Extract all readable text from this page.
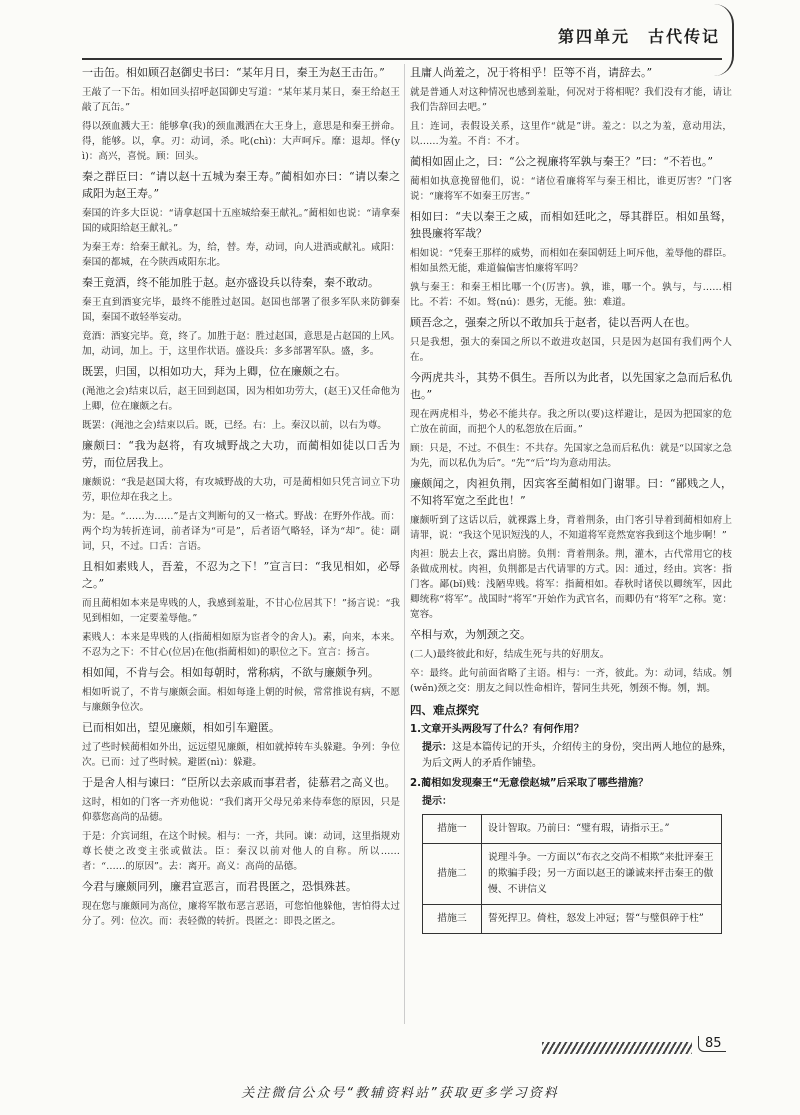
第四单元　 古代传记
一击缶。相如顾召赵御史书曰：“某年月日，秦王为赵王击缶。”
王敲了一下缶。相如回头招呼赵国御史写道：“某年某月某日，秦王给赵王敲了瓦缶。”
得以颈血溅大王：能够拿(我)的颈血溅洒在大王身上，意思是和秦王拼命。得，能够。以，拿。刃：动词，杀。叱(chì)：大声呵斥。靡：退却。怿(yì)：高兴，喜悦。顾：回头。
秦之群臣曰：“请以赵十五城为秦王寿。”蔺相如亦曰：“请以秦之咸阳为赵王寿。”
秦国的许多大臣说：“请拿赵国十五座城给秦王献礼。”蔺相如也说：“请拿秦国的咸阳给赵王献礼。”
为秦王寿：给秦王献礼。为，给，替。寿，动词，向人进酒或献礼。咸阳：秦国的都城，在今陕西咸阳东北。
秦王竟酒，终不能加胜于赵。赵亦盛设兵以待秦，秦不敢动。
秦王直到酒宴完毕，最终不能胜过赵国。赵国也部署了很多军队来防御秦国，秦国不敢轻举妄动。
竟酒：酒宴完毕。竟，终了。加胜于赵：胜过赵国，意思是占赵国的上风。加，动词，加上。于，这里作状语。盛设兵：多多部署军队。盛，多。
既罢，归国，以相如功大，拜为上卿，位在廉颇之右。
(渑池之会)结束以后，赵王回到赵国，因为相如功劳大，(赵王)又任命他为上卿，位在廉颇之右。
既罢：(渑池之会)结束以后。既，已经。右：上。秦汉以前，以右为尊。
廉颇曰：“我为赵将，有攻城野战之大功，而蔺相如徒以口舌为劳，而位居我上。
廉颇说：“我是赵国大将，有攻城野战的大功，可是蔺相如只凭言词立下功劳，职位却在我之上。
为：是。“……为……”是古文判断句的又一格式。野战：在野外作战。而：两个均为转折连词，前者译为“可是”，后者语气略轻，译为“却”。徒：副词，只，不过。口舌：言语。
且相如素贱人，吾羞，不忍为之下！”宣言曰：“我见相如，必辱之。”
而且蔺相如本来是卑贱的人，我感到羞耻，不甘心位居其下！”扬言说：“我见到相如，一定要羞辱他。”
素贱人：本来是卑贱的人(指蔺相如原为宦者令的舍人)。素，向来，本来。不忍为之下：不甘心(位居)在他(指蔺相如)的职位之下。宣言：扬言。
相如闻，不肯与会。相如每朝时，常称病，不欲与廉颇争列。
相如听说了，不肯与廉颇会面。相如每逢上朝的时候，常常推说有病，不愿与廉颇争位次。
已而相如出，望见廉颇，相如引车避匿。
过了些时候蔺相如外出，远远望见廉颇，相如就掉转车头躲避。争列：争位次。已而：过了些时候。避匿(nì)：躲避。
于是舍人相与谏曰：“臣所以去亲戚而事君者，徒慕君之高义也。
这时，相如的门客一齐劝他说：“我们离开父母兄弟来侍奉您的原因，只是仰慕您高尚的品德。
于是：介宾词组，在这个时候。相与：一齐，共同。谏：动词，这里指规劝尊长使之改变主张或做法。臣：秦汉以前对他人的自称。所以……者：“……的原因”。去：离开。高义：高尚的品德。
今君与廉颇同列，廉君宣恶言，而君畏匿之，恐惧殊甚。
现在您与廉颇同为高位，廉将军散布恶言恶语，可您怕他躲他，害怕得太过分了。列：位次。而：表轻微的转折。畏匿之：即畏之匿之。
且庸人尚羞之，况于将相乎！臣等不肖，请辞去。”
就是普通人对这种情况也感到羞耻，何况对于将相呢？我们没有才能，请让我们告辞回去吧。”
且：连词，表假设关系，这里作“就是”讲。羞之：以之为羞，意动用法，以……为羞。不肖：不才。
蔺相如固止之，曰：“公之视廉将军孰与秦王？”曰：“不若也。”
蔺相如执意挽留他们，说：“诸位看廉将军与秦王相比，谁更厉害？”门客说：“廉将军不如秦王厉害。”
相如曰：“夫以秦王之威，而相如廷叱之，辱其群臣。相如虽驽，独畏廉将军哉？
相如说：“凭秦王那样的威势，而相如在秦国朝廷上呵斥他，羞辱他的群臣。相如虽然无能，难道偏偏害怕廉将军吗？
孰与秦王：和秦王相比哪一个(厉害)。孰，谁，哪一个。孰与，与……相比。不若：不如。驽(nú)：愚劣，无能。独：难道。
顾吾念之，强秦之所以不敢加兵于赵者，徒以吾两人在也。
只是我想，强大的秦国之所以不敢进攻赵国，只是因为赵国有我们两个人在。
今两虎共斗，其势不俱生。吾所以为此者，以先国家之急而后私仇也。”
现在两虎相斗，势必不能共存。我之所以(要)这样避让，是因为把国家的危亡放在前面，而把个人的私怨放在后面。”
顾：只是，不过。不俱生：不共存。先国家之急而后私仇：就是“以国家之急为先，而以私仇为后”。“先”“后”均为意动用法。
廉颇闻之，肉袒负荆，因宾客至蔺相如门谢罪。曰：“鄙贱之人，不知将军宽之至此也！”
廉颇听到了这话以后，就裸露上身，背着荆条，由门客引导着到蔺相如府上请罪，说：“我这个见识短浅的人，不知道将军竟然宽容我到这个地步啊！”
肉袒：脱去上衣，露出肩膀。负荆：背着荆条。荆，灌木，古代常用它的枝条做成刑杖。肉袒，负荆都是古代请罪的方式。因：通过，经由。宾客：指门客。鄙(bǐ)贱：浅陋卑贱。将军：指蔺相如。春秋时诸侯以卿统军，因此卿统称“将军”。战国时“将军”开始作为武官名，而卿仍有“将军”之称。宽：宽容。
卒相与欢，为刎颈之交。
(二人)最终彼此和好，结成生死与共的好朋友。
卒：最终。此句前面省略了主语。相与：一齐，彼此。为：动词，结成。刎(wěn)颈之交：朋友之间以性命相许，誓同生共死，刎颈不悔。刎，割。
四、难点探究
1.文章开头两段写了什么？有何作用？
提示：这是本篇传记的开头，介绍传主的身份，突出两人地位的悬殊，为后文两人的矛盾作铺垫。
2.蔺相如发现秦王“无意偿赵城”后采取了哪些措施？
提示：
措施一	设计智取。乃前曰：“璧有瑕，请指示王。”
措施二	说理斗争。一方面以“布衣之交尚不相欺”来批评秦王的欺骗手段；另一方面以赵王的谦诚来抨击秦王的傲慢、不讲信义
措施三	誓死捍卫。倚柱，怒发上冲冠；誓“与璧俱碎于柱”
85
关注微信公众号“教辅资料站”获取更多学习资料
